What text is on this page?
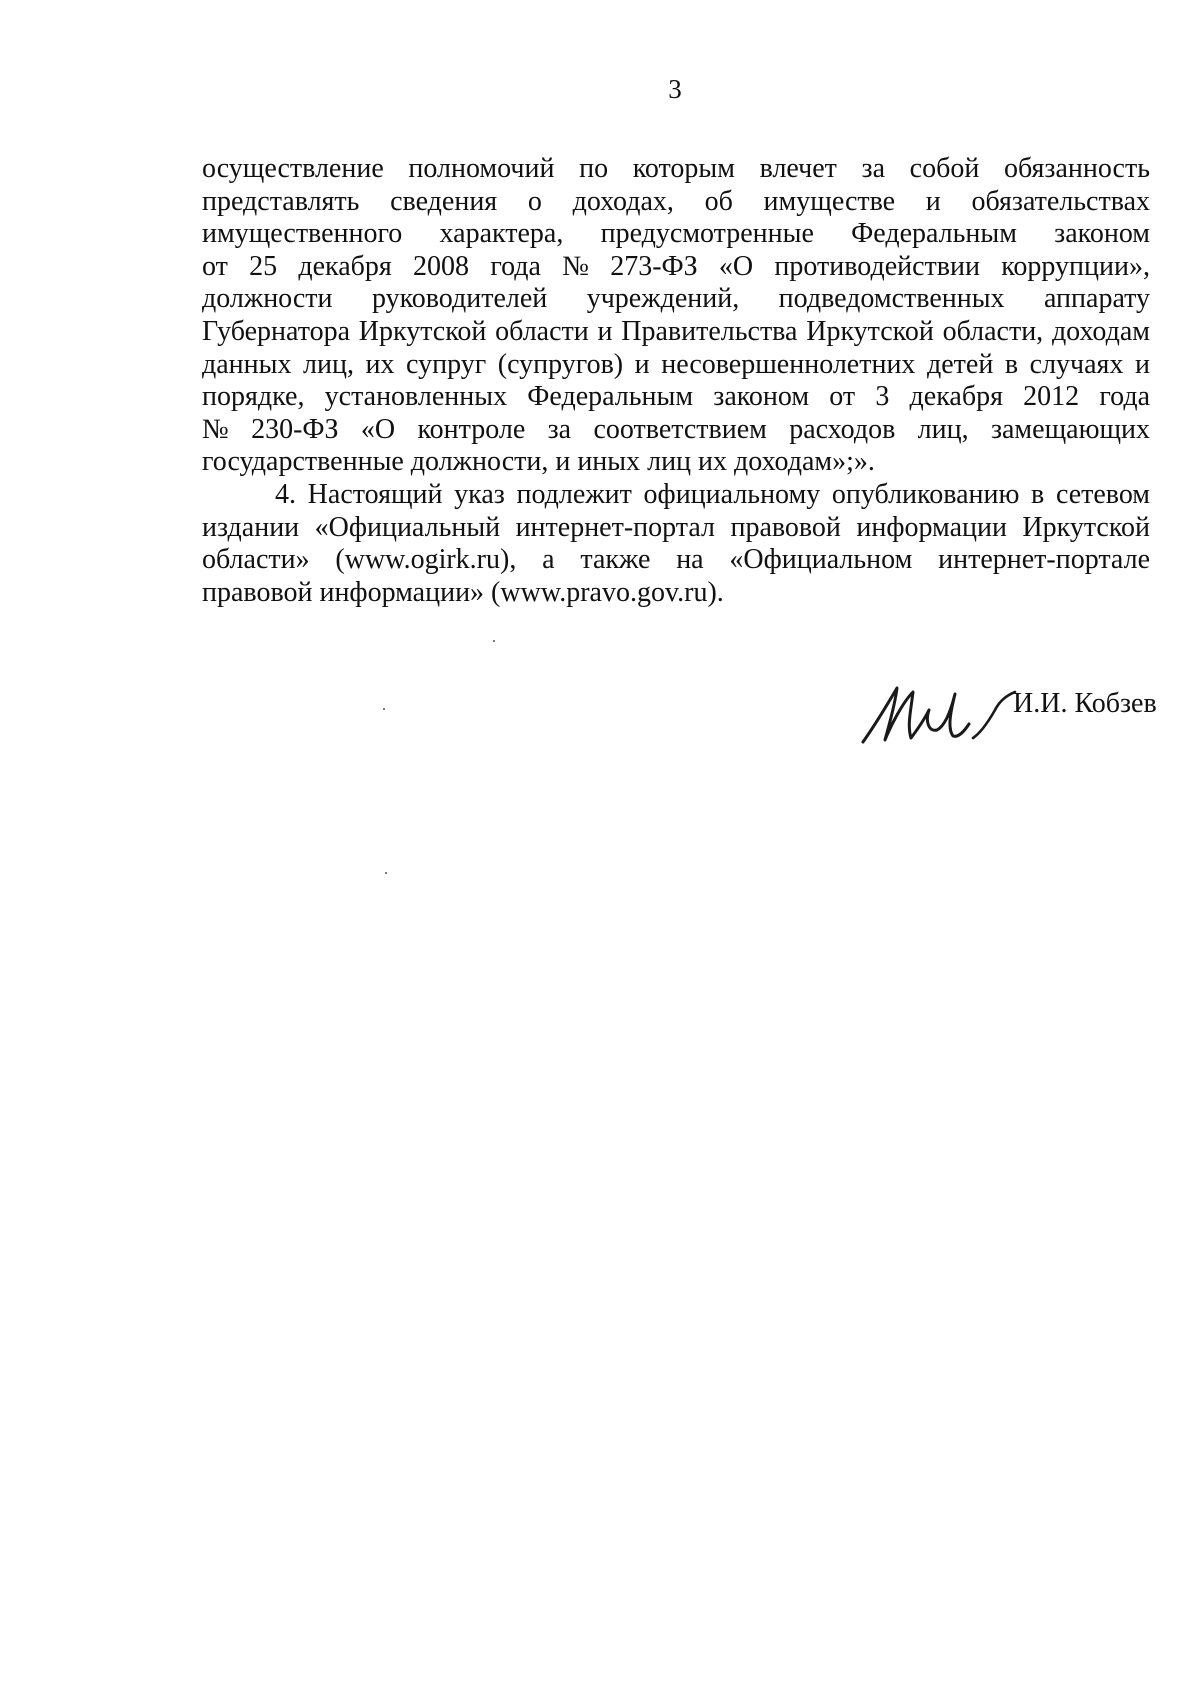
3
осуществление полномочий по которым влечет за собой обязанность
представлять сведения о доходах, об имуществе и обязательствах
имущественного характера, предусмотренные Федеральным законом
от 25 декабря 2008 года № 273-ФЗ «О противодействии коррупции»,
должности руководителей учреждений, подведомственных аппарату
Губернатора Иркутской области и Правительства Иркутской области, доходам
данных лиц, их супруг (супругов) и несовершеннолетних детей в случаях и
порядке, установленных Федеральным законом от 3 декабря 2012 года
№ 230-ФЗ «О контроле за соответствием расходов лиц, замещающих
государственные должности, и иных лиц их доходам»;».
4. Настоящий указ подлежит официальному опубликованию в сетевом
издании «Официальный интернет-портал правовой информации Иркутской
области» (www.ogirk.ru), а также на «Официальном интернет-портале
правовой информации» (www.pravo.gov.ru).
И.И. Кобзев
